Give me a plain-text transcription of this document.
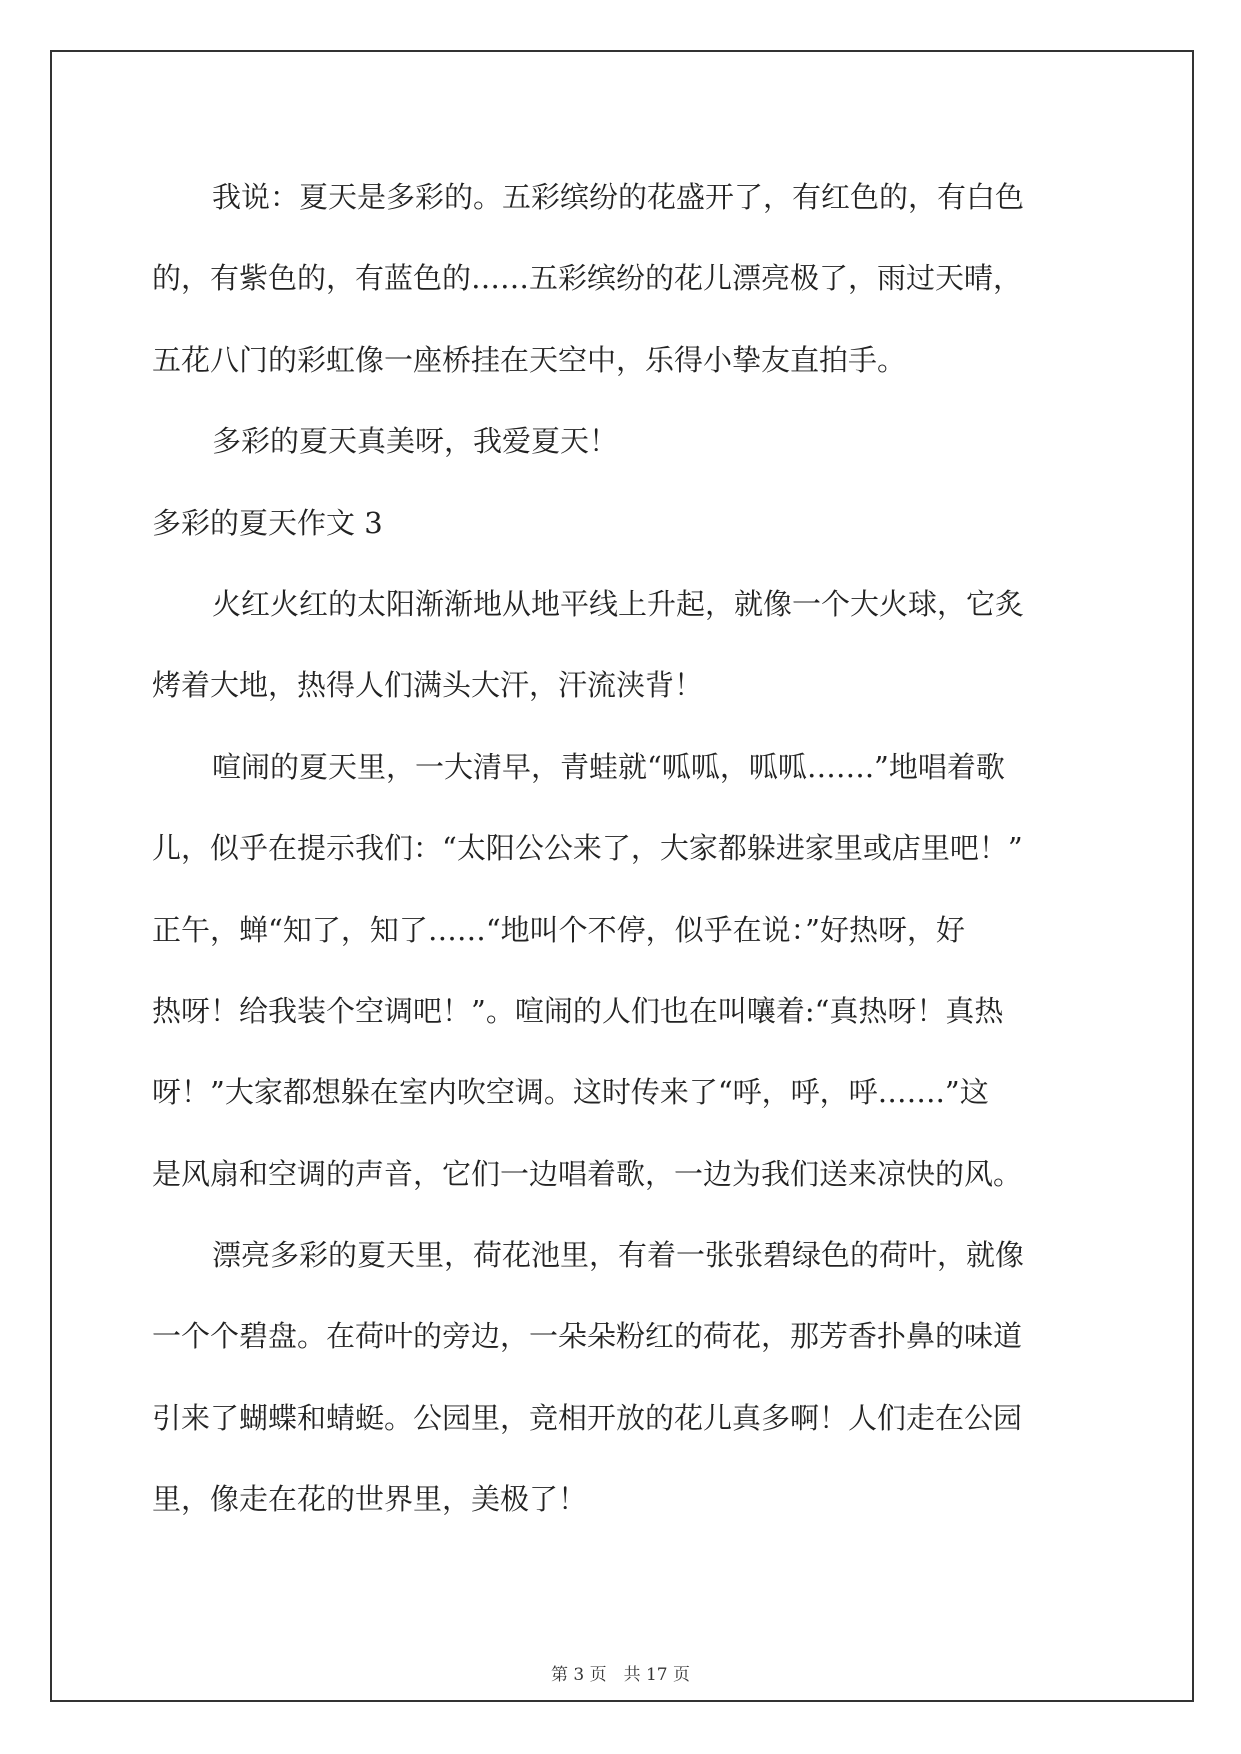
我说：夏天是多彩的。五彩缤纷的花盛开了，有红色的，有白色
的，有紫色的，有蓝色的……五彩缤纷的花儿漂亮极了，雨过天晴，
五花八门的彩虹像一座桥挂在天空中，乐得小挚友直拍手。
多彩的夏天真美呀，我爱夏天！
多彩的夏天作文 3
火红火红的太阳渐渐地从地平线上升起，就像一个大火球，它炙
烤着大地，热得人们满头大汗，汗流浃背！
喧闹的夏天里，一大清早，青蛙就“呱呱，呱呱…….”地唱着歌
儿，似乎在提示我们：“太阳公公来了，大家都躲进家里或店里吧！”
正午，蝉“知了，知了……“地叫个不停，似乎在说：”好热呀，好
热呀！给我装个空调吧！”。喧闹的人们也在叫嚷着:“真热呀！真热
呀！”大家都想躲在室内吹空调。这时传来了“呼，呼，呼…….”这
是风扇和空调的声音，它们一边唱着歌，一边为我们送来凉快的风。
漂亮多彩的夏天里，荷花池里，有着一张张碧绿色的荷叶，就像
一个个碧盘。在荷叶的旁边，一朵朵粉红的荷花，那芳香扑鼻的味道
引来了蝴蝶和蜻蜓。公园里，竞相开放的花儿真多啊！人们走在公园
里，像走在花的世界里，美极了！
第 3 页　共 17 页
